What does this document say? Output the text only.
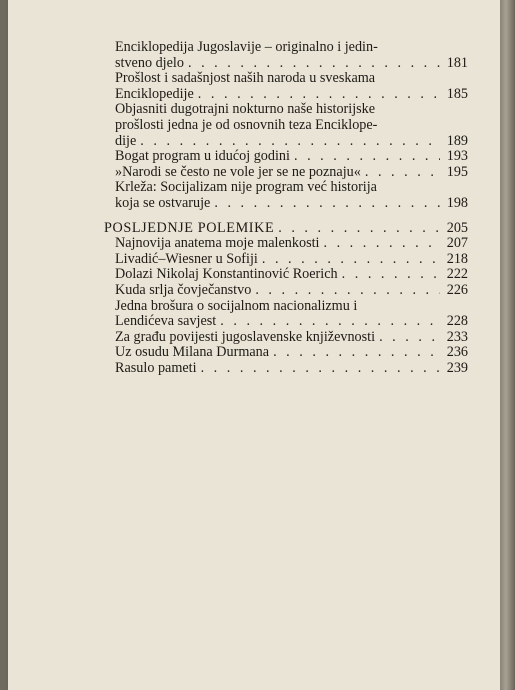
Enciklopedija Jugoslavije – originalno i jedin-
stveno djelo . . .	181
Prošlost i sadašnjost naših naroda u sveskama
Enciklopedije . . .	185
Objasniti dugotrajni nokturno naše historijske
prošlosti jedna je od osnovnih teza Enciklope-
dije . . .	189
Bogat program u idućoj godini . . .	193
»Narodi se često ne vole jer se ne poznaju« . . .	195
Krleža: Socijalizam nije program već historija
koja se ostvaruje . . .	198
POSLJEDNJE POLEMIKE . . .	205
Najnovija anatema moje malenkosti . . .	207
Livadić–Wiesner u Sofiji . . .	218
Dolazi Nikolaj Konstantinović Roerich . . .	222
Kuda srlja čovječanstvo . . .	226
Jedna brošura o socijalnom nacionalizmu i
Lendićeva savjest . . .	228
Za građu povijesti jugoslavenske književnosti . . .	233
Uz osudu Milana Durmana . . .	236
Rasulo pameti . . .	239
